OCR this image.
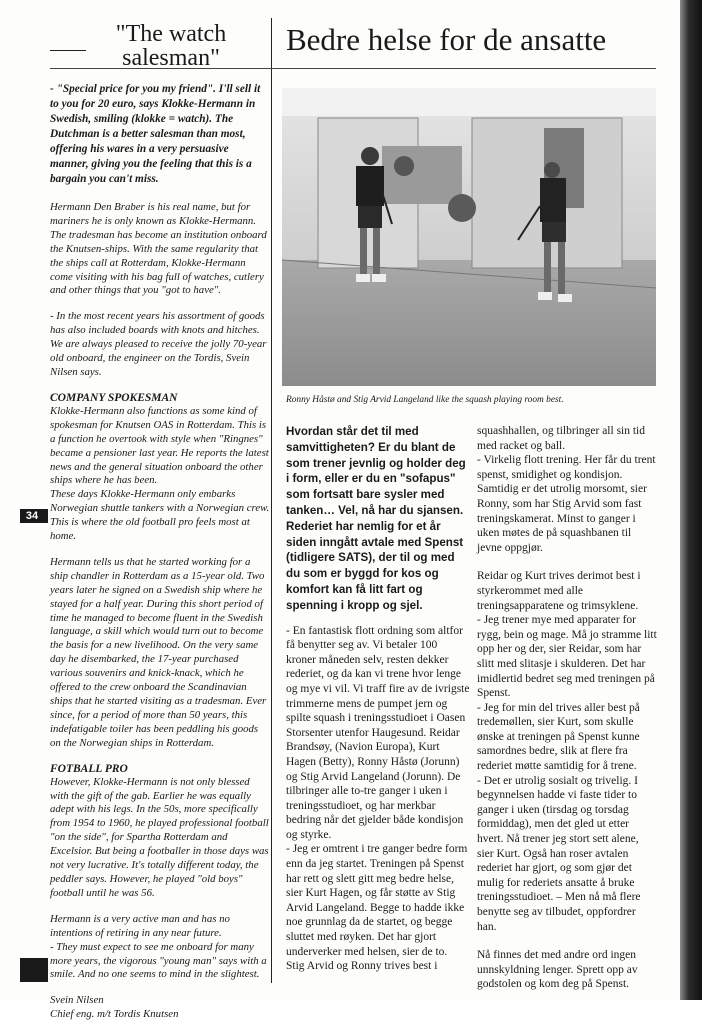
"The watch salesman"
Bedre helse for de ansatte

- "Special price for you my friend". I'll sell it to you for 20 euro, says Klokke-Hermann in Swedish, smiling (klokke = watch). The Dutchman is a better salesman than most, offering his wares in a very persuasive manner, giving you the feeling that this is a bargain you can't miss.

Hermann Den Braber is his real name, but for mariners he is only known as Klokke-Hermann. The tradesman has become an institution onboard the Knutsen-ships. With the same regularity that the ships call at Rotterdam, Klokke-Hermann come visiting with his bag full of watches, cutlery and other things that you "got to have".

- In the most recent years his assortment of goods has also included boards with knots and hitches. We are always pleased to receive the jolly 70-year old onboard, the engineer on the Tordis, Svein Nilsen says.

COMPANY SPOKESMAN

Klokke-Hermann also functions as some kind of spokesman for Knutsen OAS in Rotterdam. This is a function he overtook with style when "Ringnes" became a pensioner last year. He reports the latest news and the general situation onboard the other ships where he has been.

These days Klokke-Hermann only embarks Norwegian shuttle tankers with a Norwegian crew. This is where the old football pro feels most at home.

Hermann tells us that he started working for a ship chandler in Rotterdam as a 15-year old. Two years later he signed on a Swedish ship where he stayed for a half year. During this short period of time he managed to become fluent in the Swedish language, a skill which would turn out to become the basis for a new livelihood. On the very same day he disembarked, the 17-year purchased various souvenirs and knick-knack, which he offered to the crew onboard the Scandinavian ships that he started visiting as a tradesman. Ever since, for a period of more than 50 years, this indefatigable toiler has been peddling his goods on the Norwegian ships in Rotterdam.

FOTBALL PRO

However, Klokke-Hermann is not only blessed with the gift of the gab. Earlier he was equally adept with his legs. In the 50s, more specifically from 1954 to 1960, he played professional football "on the side", for Spartha Rotterdam and Excelsior. But being a footballer in those days was not very lucrative. It's totally different today, the peddler says. However, he played "old boys" football until he was 56.

Hermann is a very active man and has no intentions of retiring in any near future.

- They must expect to see me onboard for many more years, the vigorous "young man" says with a smile. And no one seems to mind in the slightest.

Svein Nilsen
Chief eng. m/t Tordis Knutsen
34
Ronny Håstø and Stig Arvid Langeland like the squash playing room best.

Hvordan står det til med samvittigheten? Er du blant de som trener jevnlig og holder deg i form, eller er du en "sofapus" som fortsatt bare sysler med tanken… Vel, nå har du sjansen. Rederiet har nemlig for et år siden inngått avtale med Spenst (tidligere SATS), der til og med du som er byggd for kos og komfort kan få litt fart og spenning i kropp og sjel.

- En fantastisk flott ordning som altfor få benytter seg av. Vi betaler 100 kroner måneden selv, resten dekker rederiet, og da kan vi trene hvor lenge og mye vi vil. Vi traff fire av de ivrigste trimmerne mens de pumpet jern og spilte squash i treningsstudioet i Oasen Storsenter utenfor Haugesund. Reidar Brandsøy, (Navion Europa), Kurt Hagen (Betty), Ronny Håstø (Jorunn) og Stig Arvid Langeland (Jorunn). De tilbringer alle to-tre ganger i uken i treningsstudioet, og har merkbar bedring når det gjelder både kondisjon og styrke.

- Jeg er omtrent i tre ganger bedre form enn da jeg startet. Treningen på Spenst har rett og slett gitt meg bedre helse, sier Kurt Hagen, og får støtte av Stig Arvid Langeland. Begge to hadde ikke noe grunnlag da de startet, og begge sluttet med røyken. Det har gjort underverker med helsen, sier de to.

Stig Arvid og Ronny trives best i

squashhallen, og tilbringer all sin tid med racket og ball.

- Virkelig flott trening. Her får du trent spenst, smidighet og kondisjon. Samtidig er det utrolig morsomt, sier Ronny, som har Stig Arvid som fast treningskamerat. Minst to ganger i uken møtes de på squashbanen til jevne oppgjør.

Reidar og Kurt trives derimot best i styrkerommet med alle treningsapparatene og trimsyklene.

- Jeg trener mye med apparater for rygg, bein og mage. Må jo stramme litt opp her og der, sier Reidar, som har slitt med slitasje i skulderen. Det har imidlertid bedret seg med treningen på Spenst.

- Jeg for min del trives aller best på tredemøllen, sier Kurt, som skulle ønske at treningen på Spenst kunne samordnes bedre, slik at flere fra rederiet møtte samtidig for å trene.

- Det er utrolig sosialt og trivelig. I begynnelsen hadde vi faste tider to ganger i uken (tirsdag og torsdag formiddag), men det gled ut etter hvert. Nå trener jeg stort sett alene, sier Kurt. Også han roser avtalen rederiet har gjort, og som gjør det mulig for rederiets ansatte å bruke treningsstudioet. – Men nå må flere benytte seg av tilbudet, oppfordrer han.

Nå finnes det med andre ord ingen unnskyldning lenger. Sprett opp av godstolen og kom deg på Spenst.
